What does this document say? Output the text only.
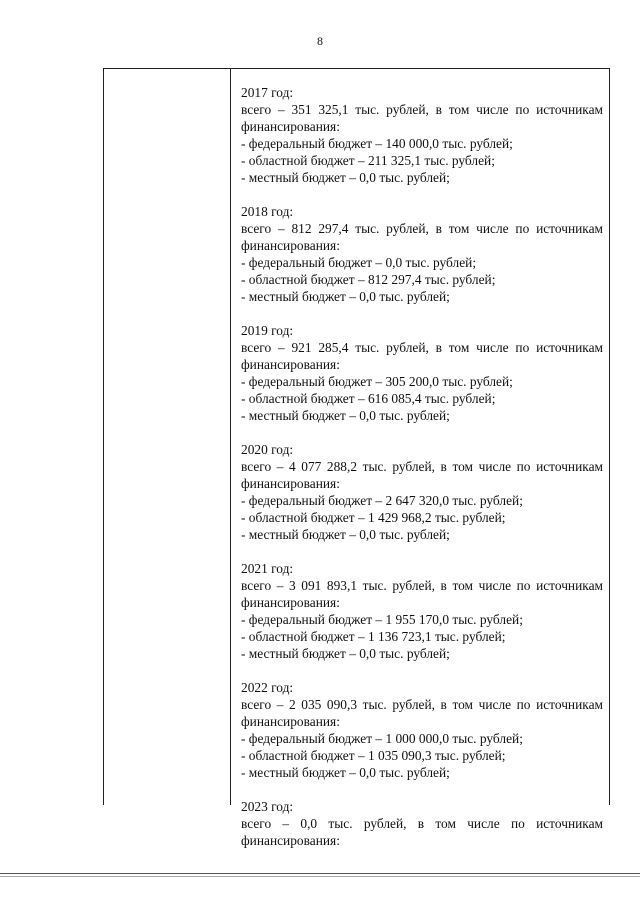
8
2017 год:
всего – 351 325,1 тыс. рублей, в том числе по источникам
финансирования:
- федеральный бюджет – 140 000,0 тыс. рублей;
- областной бюджет – 211 325,1 тыс. рублей;
- местный бюджет – 0,0 тыс. рублей;
2018 год:
всего – 812 297,4 тыс. рублей, в том числе по источникам
финансирования:
- федеральный бюджет – 0,0 тыс. рублей;
- областной бюджет – 812 297,4 тыс. рублей;
- местный бюджет – 0,0 тыс. рублей;
2019 год:
всего – 921 285,4 тыс. рублей, в том числе по источникам
финансирования:
- федеральный бюджет – 305 200,0 тыс. рублей;
- областной бюджет – 616 085,4 тыс. рублей;
- местный бюджет – 0,0 тыс. рублей;
2020 год:
всего – 4 077 288,2 тыс. рублей, в том числе по источникам
финансирования:
- федеральный бюджет – 2 647 320,0 тыс. рублей;
- областной бюджет – 1 429 968,2 тыс. рублей;
- местный бюджет – 0,0 тыс. рублей;
2021 год:
всего – 3 091 893,1 тыс. рублей, в том числе по источникам
финансирования:
- федеральный бюджет – 1 955 170,0 тыс. рублей;
- областной бюджет – 1 136 723,1 тыс. рублей;
- местный бюджет – 0,0 тыс. рублей;
2022 год:
всего – 2 035 090,3 тыс. рублей, в том числе по источникам
финансирования:
- федеральный бюджет – 1 000 000,0 тыс. рублей;
- областной бюджет – 1 035 090,3 тыс. рублей;
- местный бюджет – 0,0 тыс. рублей;
2023 год:
всего – 0,0 тыс. рублей, в том числе по источникам
финансирования:
